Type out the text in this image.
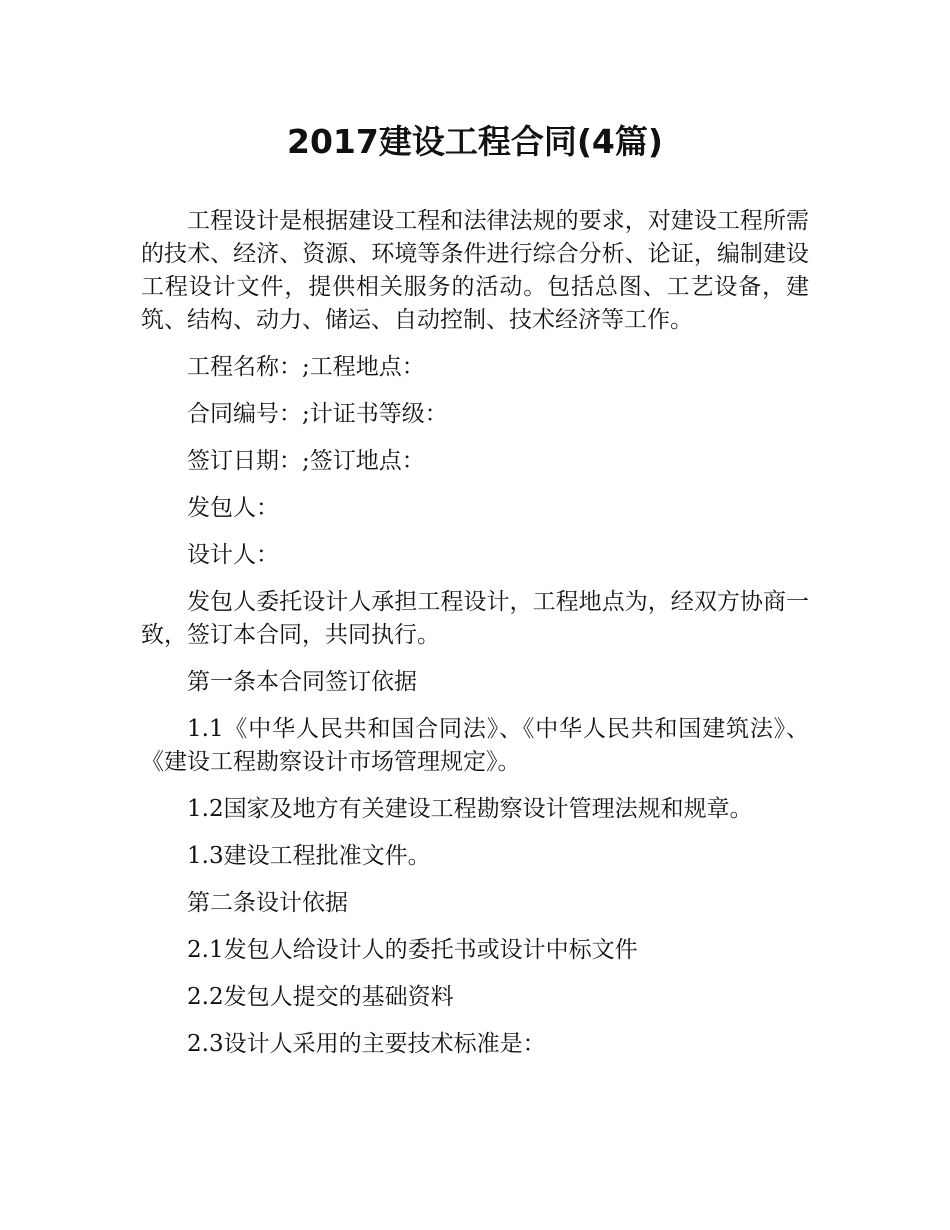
2017建设工程合同(4篇)

工程设计是根据建设工程和法律法规的要求，对建设工程所需的技术、经济、资源、环境等条件进行综合分析、论证，编制建设工程设计文件，提供相关服务的活动。包括总图、工艺设备，建筑、结构、动力、储运、自动控制、技术经济等工作。

工程名称：;工程地点：

合同编号：;计证书等级：

签订日期：;签订地点：

发包人：

设计人：

发包人委托设计人承担工程设计，工程地点为，经双方协商一致，签订本合同，共同执行。

第一条本合同签订依据

1.1《中华人民共和国合同法》、《中华人民共和国建筑法》、《建设工程勘察设计市场管理规定》。

1.2国家及地方有关建设工程勘察设计管理法规和规章。

1.3建设工程批准文件。

第二条设计依据

2.1发包人给设计人的委托书或设计中标文件

2.2发包人提交的基础资料

2.3设计人采用的主要技术标准是：
